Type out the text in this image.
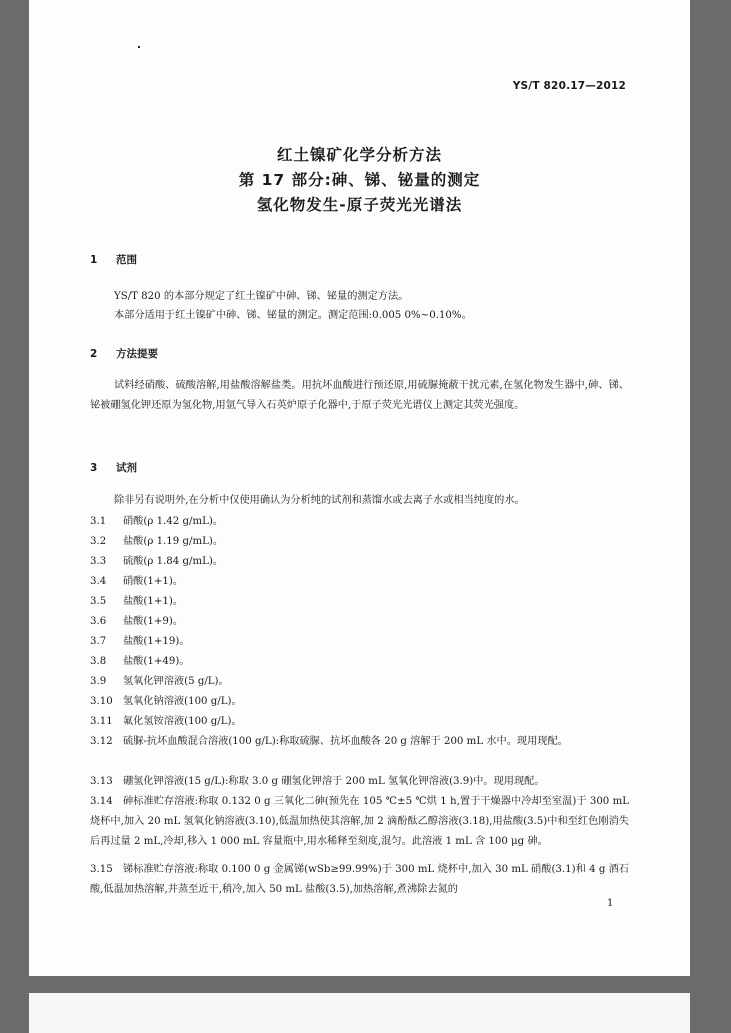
YS/T 820.17—2012
红土镍矿化学分析方法
第 17 部分:砷、锑、铋量的测定
氢化物发生-原子荧光光谱法
1 范围
YS/T 820 的本部分规定了红土镍矿中砷、锑、铋量的测定方法。
本部分适用于红土镍矿中砷、锑、铋量的测定。测定范围:0.005 0%~0.10%。
2 方法提要
试料经硝酸、硫酸溶解,用盐酸溶解盐类。用抗坏血酸进行预还原,用硫脲掩蔽干扰元素,在氢化物发生器中,砷、锑、铋被硼氢化钾还原为氢化物,用氩气导入石英炉原子化器中,于原子荧光光谱仪上测定其荧光强度。
3 试剂
除非另有说明外,在分析中仅使用确认为分析纯的试剂和蒸馏水或去离子水或相当纯度的水。
3.1 硝酸(ρ 1.42 g/mL)。
3.2 盐酸(ρ 1.19 g/mL)。
3.3 硫酸(ρ 1.84 g/mL)。
3.4 硝酸(1+1)。
3.5 盐酸(1+1)。
3.6 盐酸(1+9)。
3.7 盐酸(1+19)。
3.8 盐酸(1+49)。
3.9 氢氧化钾溶液(5 g/L)。
3.10 氢氧化钠溶液(100 g/L)。
3.11 氟化氢铵溶液(100 g/L)。
3.12 硫脲-抗坏血酸混合溶液(100 g/L):称取硫脲、抗坏血酸各 20 g 溶解于 200 mL 水中。现用现配。
3.13 硼氢化钾溶液(15 g/L):称取 3.0 g 硼氢化钾溶于 200 mL 氢氧化钾溶液(3.9)中。现用现配。
3.14 砷标准贮存溶液:称取 0.132 0 g 三氧化二砷(预先在 105 ℃±5 ℃烘 1 h,置于干燥器中冷却至室温)于 300 mL 烧杯中,加入 20 mL 氢氧化钠溶液(3.10),低温加热使其溶解,加 2 滴酚酞乙醇溶液(3.18),用盐酸(3.5)中和至红色刚消失后再过量 2 mL,冷却,移入 1 000 mL 容量瓶中,用水稀释至刻度,混匀。此溶液 1 mL 含 100 μg 砷。
3.15 锑标准贮存溶液:称取 0.100 0 g 金属锑(wSb≥99.99%)于 300 mL 烧杯中,加入 30 mL 硝酸(3.1)和 4 g 酒石酸,低温加热溶解,并蒸至近干,稍冷,加入 50 mL 盐酸(3.5),加热溶解,煮沸除去氮的
1
